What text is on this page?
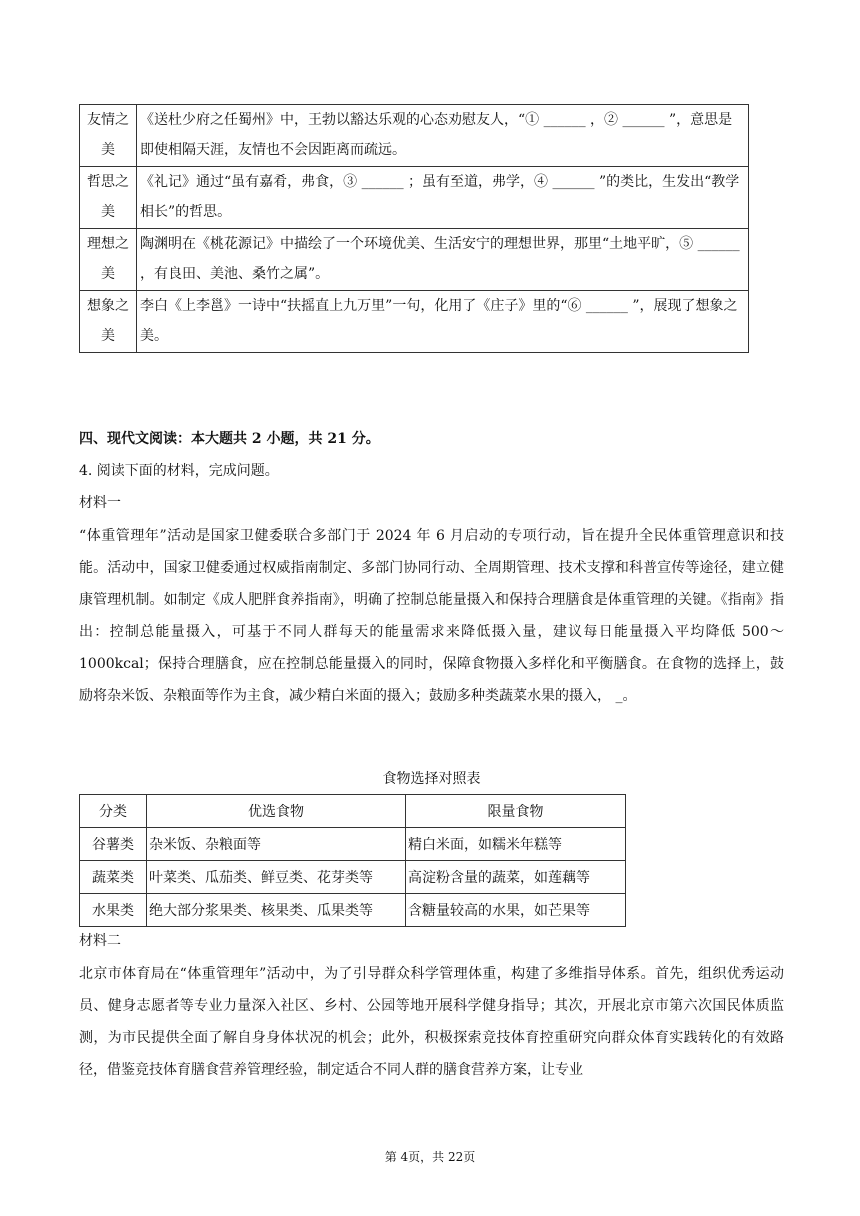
友情之美	《送杜少府之任蜀州》中，王勃以豁达乐观的心态劝慰友人，“① ______ ，② ______ ”，意思是即使相隔天涯，友情也不会因距离而疏远。
哲思之美	《礼记》通过“虽有嘉肴，弗食，③ ______ ；虽有至道，弗学，④ ______ ”的类比，生发出“教学相长”的哲思。
理想之美	陶渊明在《桃花源记》中描绘了一个环境优美、生活安宁的理想世界，那里“土地平旷，⑤ ______ ，有良田、美池、桑竹之属”。
想象之美	李白《上李邕》一诗中“扶摇直上九万里”一句，化用了《庄子》里的“⑥ ______ ”，展现了想象之美。
四、现代文阅读：本大题共 2 小题，共 21 分。
4. 阅读下面的材料，完成问题。
材料一
“体重管理年”活动是国家卫健委联合多部门于 2024 年 6 月启动的专项行动，旨在提升全民体重管理意识和技能。活动中，国家卫健委通过权威指南制定、多部门协同行动、全周期管理、技术支撑和科普宣传等途径，建立健康管理机制。如制定《成人肥胖食养指南》，明确了控制总能量摄入和保持合理膳食是体重管理的关键。《指南》指出：控制总能量摄入，可基于不同人群每天的能量需求来降低摄入量，建议每日能量摄入平均降低 500～1000kcal；保持合理膳食，应在控制总能量摄入的同时，保障食物摄入多样化和平衡膳食。在食物的选择上，鼓励将杂米饭、杂粮面等作为主食，减少精白米面的摄入；鼓励多种类蔬菜水果的摄入， _。
食物选择对照表
分类	优选食物	限量食物
谷薯类	杂米饭、杂粮面等	精白米面，如糯米年糕等
蔬菜类	叶菜类、瓜茄类、鲜豆类、花芽类等	高淀粉含量的蔬菜，如莲藕等
水果类	绝大部分浆果类、核果类、瓜果类等	含糖量较高的水果，如芒果等
材料二
北京市体育局在“体重管理年”活动中，为了引导群众科学管理体重，构建了多维指导体系。首先，组织优秀运动员、健身志愿者等专业力量深入社区、乡村、公园等地开展科学健身指导；其次，开展北京市第六次国民体质监测，为市民提供全面了解自身身体状况的机会；此外，积极探索竞技体育控重研究向群众体育实践转化的有效路径，借鉴竞技体育膳食营养管理经验，制定适合不同人群的膳食营养方案，让专业
第 4页，共 22页
